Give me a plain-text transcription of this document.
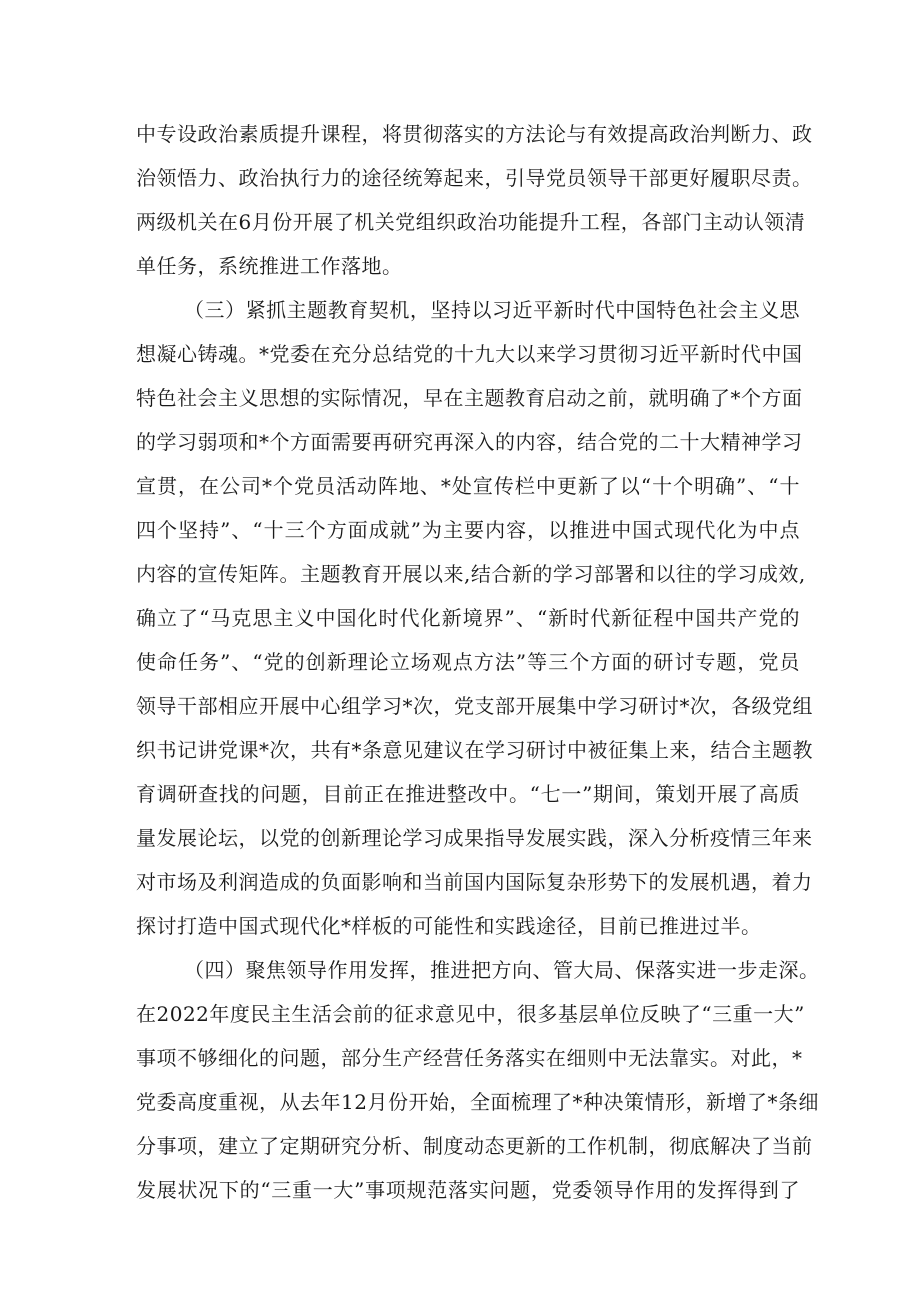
中专设政治素质提升课程，将贯彻落实的方法论与有效提高政治判断力、政
治领悟力、政治执行力的途径统筹起来，引导党员领导干部更好履职尽责。
两级机关在6月份开展了机关党组织政治功能提升工程，各部门主动认领清
单任务，系统推进工作落地。
（三）紧抓主题教育契机，坚持以习近平新时代中国特色社会主义思
想凝心铸魂。*党委在充分总结党的十九大以来学习贯彻习近平新时代中国
特色社会主义思想的实际情况，早在主题教育启动之前，就明确了*个方面
的学习弱项和*个方面需要再研究再深入的内容，结合党的二十大精神学习
宣贯，在公司*个党员活动阵地、*处宣传栏中更新了以“十个明确”、“十
四个坚持”、“十三个方面成就”为主要内容，以推进中国式现代化为中点
内容的宣传矩阵。主题教育开展以来,结合新的学习部署和以往的学习成效,
确立了“马克思主义中国化时代化新境界”、“新时代新征程中国共产党的
使命任务”、“党的创新理论立场观点方法”等三个方面的研讨专题，党员
领导干部相应开展中心组学习*次，党支部开展集中学习研讨*次，各级党组
织书记讲党课*次，共有*条意见建议在学习研讨中被征集上来，结合主题教
育调研查找的问题，目前正在推进整改中。“七一”期间，策划开展了高质
量发展论坛，以党的创新理论学习成果指导发展实践，深入分析疫情三年来
对市场及利润造成的负面影响和当前国内国际复杂形势下的发展机遇，着力
探讨打造中国式现代化*样板的可能性和实践途径，目前已推进过半。
（四）聚焦领导作用发挥，推进把方向、管大局、保落实进一步走深。
在2022年度民主生活会前的征求意见中，很多基层单位反映了“三重一大”
事项不够细化的问题，部分生产经营任务落实在细则中无法靠实。对此，*
党委高度重视，从去年12月份开始，全面梳理了*种决策情形，新增了*条细
分事项，建立了定期研究分析、制度动态更新的工作机制，彻底解决了当前
发展状况下的“三重一大”事项规范落实问题，党委领导作用的发挥得到了
